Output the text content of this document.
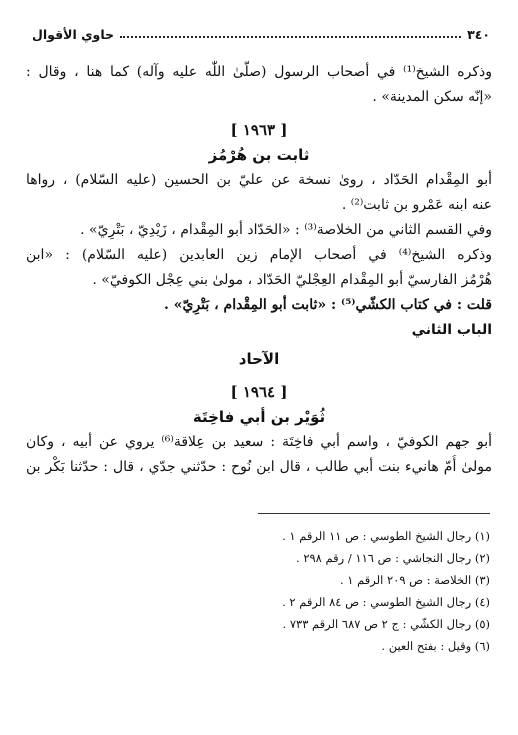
٣٤٠
حاوي الأقوال
وذكره الشيخ⁽¹⁾ في أصحاب الرسول (صلّىٰ اللّٰه عليه وآله) كما هنا ، وقال :
«إنّه سكن المدينة» .
[ ١٩٦٣ ]
ثابت بن هُرْمُز
أبو المِقْدام الحَدّاد ، روىٰ نسخة عن عليّ بن الحسين (عليه السّلام) ، رواها
عنه ابنه عَمْرو بن ثابت⁽²⁾ .
وفي القسم الثاني من الخلاصة⁽³⁾ : «الحَدّاد أبو المِقْدام ، زَيْدِيّ ، بَتْرِيّ» .
وذكره الشيخ⁽⁴⁾ في أصحاب الإمام زين العابدين (عليه السّلام) : «ابن
هُرْمُز الفارسيّ أبو المِقْدام العِجْليّ الحَدّاد ، مولىٰ بني عِجْل الكوفيّ» .
قلت : في كتاب الكشّي⁽⁵⁾ : «ثابت أبو المِقْدام ، بَتْرِيّ» .
الباب الثاني
الآحاد
[ ١٩٦٤ ]
ثُوَيْر بن أبي فاخِتَة
أبو جهم الكوفيّ ، واسم أبي فاخِتَة : سعيد بن عِلاقة⁽⁶⁾ يروي عن أبيه ، وكان
مولىٰ أُمّ هانيء بنت أبي طالب ، قال ابن نُوح : حدّثني جدّي ، قال : حدّثنا بَكْر بن
(١) رجال الشيخ الطوسي : ص ١١ الرقم ١ .
(٢) رجال النجاشي : ص ١١٦ / رقم ٢٩٨ .
(٣) الخلاصة : ص ٢٠٩ الرقم ١ .
(٤) رجال الشيخ الطوسي : ص ٨٤ الرقم ٢ .
(٥) رجال الكشّي : ج ٢ ص ٦٨٧ الرقم ٧٣٣ .
(٦) وقيل : بفتح العين .
